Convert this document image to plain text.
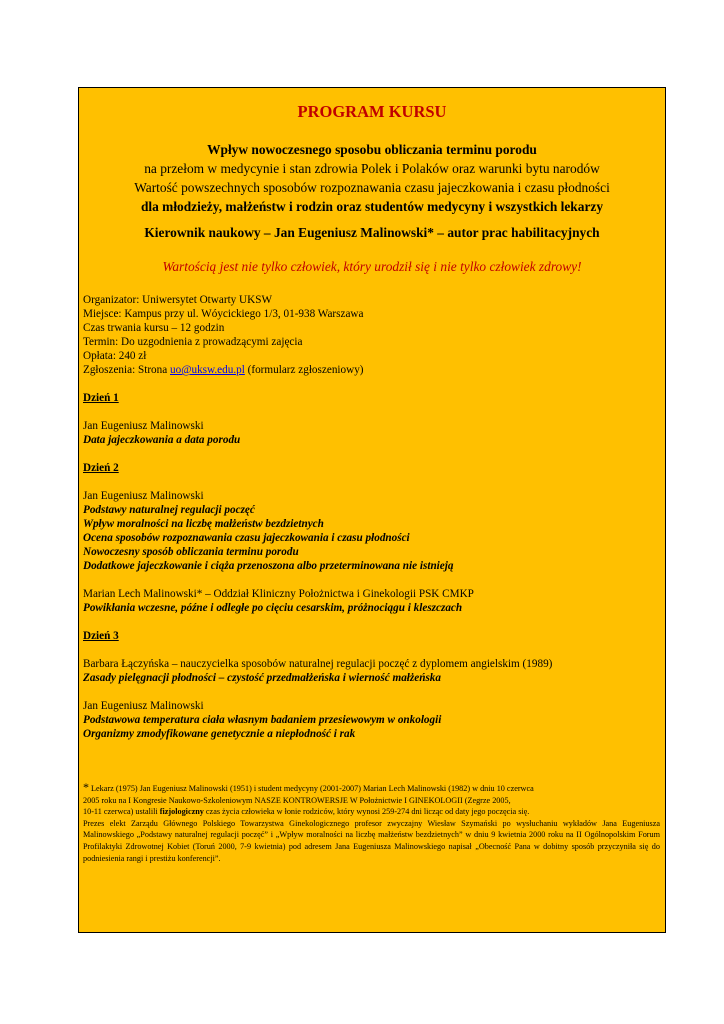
PROGRAM KURSU
Wpływ nowoczesnego sposobu obliczania terminu porodu
na przełom w medycynie i stan zdrowia Polek i Polaków oraz warunki bytu narodów
Wartość powszechnych sposobów rozpoznawania czasu jajeczkowania i czasu płodności
dla młodzieży, małżeństw i rodzin oraz studentów medycyny i wszystkich lekarzy
Kierownik naukowy – Jan Eugeniusz Malinowski* – autor prac habilitacyjnych
Wartością jest nie tylko człowiek, który urodził się i nie tylko człowiek zdrowy!
Organizator: Uniwersytet Otwarty UKSW
Miejsce: Kampus przy ul. Wóycickiego 1/3, 01-938 Warszawa
Czas trwania kursu – 12 godzin
Termin: Do uzgodnienia z prowadzącymi zajęcia
Opłata: 240 zł
Zgłoszenia: Strona uo@uksw.edu.pl (formularz zgłoszeniowy)
Dzień 1
Jan Eugeniusz Malinowski
Data jajeczkowania a data porodu
Dzień 2
Jan Eugeniusz Malinowski
Podstawy naturalnej regulacji poczęć
Wpływ moralności na liczbę małżeństw bezdzietnych
Ocena sposobów rozpoznawania czasu jajeczkowania i czasu płodności
Nowoczesny sposób obliczania terminu porodu
Dodatkowe jajeczkowanie i ciąża przenoszona albo przeterminowana nie istnieją
Marian Lech Malinowski* – Oddział Kliniczny Położnictwa i Ginekologii PSK CMKP
Powikłania wczesne, późne i odległe po cięciu cesarskim, próżnociągu i kleszczach
Dzień 3
Barbara Łączyńska – nauczycielka sposobów naturalnej regulacji poczęć z dyplomem angielskim (1989)
Zasady pielęgnacji płodności – czystość przedmałżeńska i wierność małżeńska
Jan Eugeniusz Malinowski
Podstawowa temperatura ciała własnym badaniem przesiewowym w onkologii
Organizmy zmodyfikowane genetycznie a niepłodność i rak
* Lekarz (1975) Jan Eugeniusz Malinowski (1951) i student medycyny (2001-2007) Marian Lech Malinowski (1982) w dniu 10 czerwca
2005 roku na I Kongresie Naukowo-Szkoleniowym NASZE KONTROWERSJE W Położnictwie I GINEKOLOGII (Zegrze 2005,
10-11 czerwca) ustalili fizjologiczny czas życia człowieka w łonie rodziców, który wynosi 259-274 dni licząc od daty jego poczęcia się.
Prezes elekt Zarządu Głównego Polskiego Towarzystwa Ginekologicznego profesor zwyczajny Wiesław Szymański po wysłuchaniu wykładów Jana Eugeniusza Malinowskiego „Podstawy naturalnej regulacji poczęć” i „Wpływ moralności na liczbę małżeństw bezdzietnych” w dniu 9 kwietnia 2000 roku na II Ogólnopolskim Forum Profilaktyki Zdrowotnej Kobiet (Toruń 2000, 7-9 kwietnia) pod adresem Jana Eugeniusza Malinowskiego napisał „Obecność Pana w dobitny sposób przyczyniła się do podniesienia rangi i prestiżu konferencji”.
